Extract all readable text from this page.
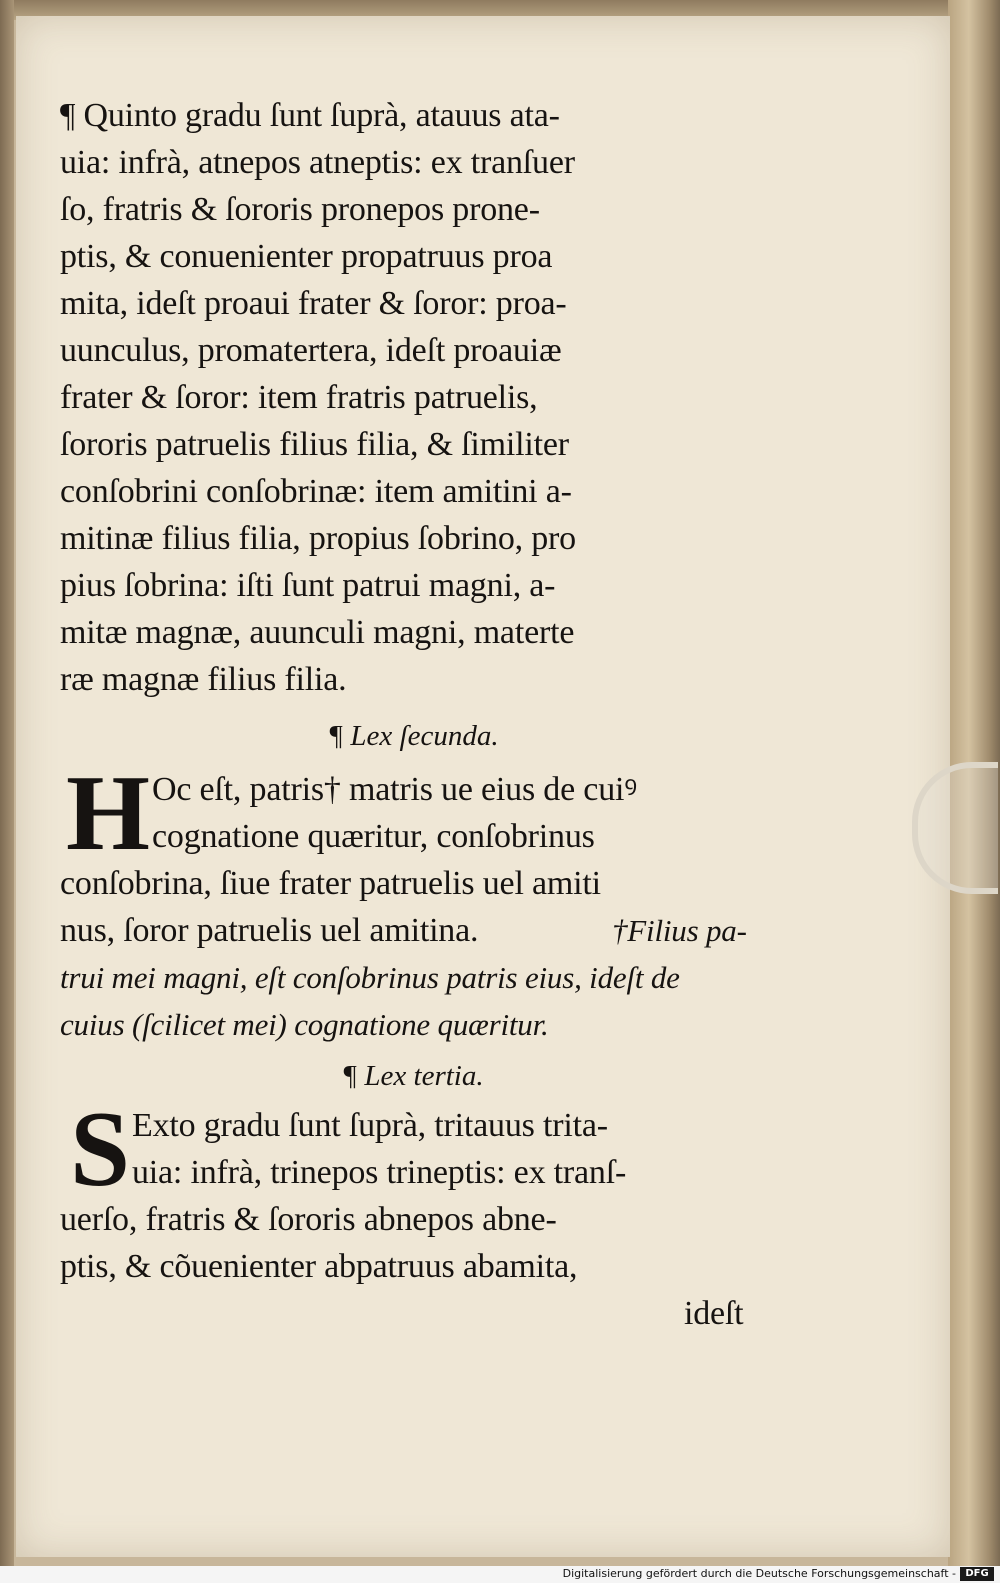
¶ Quinto gradu ſunt ſuprà, atauus ata-
uia: infrà, atnepos atneptis: ex tranſuer
ſo, fratris & ſororis pronepos prone-
ptis, & conuenienter propatruus proa
mita, ideſt proaui frater & ſoror: proa-
uunculus, promatertera, ideſt proauiæ
frater & ſoror: item fratris patruelis,
ſororis patruelis filius filia, & ſimiliter
conſobrini conſobrinæ: item amitini a-
mitinæ filius filia, propius ſobrino, pro
pius ſobrina: iſti ſunt patrui magni, a-
mitæ magnæ, auunculi magni, materte
ræ magnæ filius filia.
¶ Lex ſecunda.
H Oc eſt, patris† matris ue eius de cuiꝰ
cognatione quæritur, conſobrinus
conſobrina, ſiue frater patruelis uel amiti
nus, ſoror patruelis uel amitina.	†Filius pa-
trui mei magni, eſt conſobrinus patris eius, ideſt de
cuius (ſcilicet mei) cognatione quæritur.
¶ Lex tertia.
S Exto gradu ſunt ſuprà, tritauus trita-
uia: infrà, trinepos trineptis: ex tranſ-
uerſo, fratris & ſororis abnepos abne-
ptis, & cõuenienter abpatruus abamita,
ideſt
Digitalisierung gefördert durch die Deutsche Forschungsgemeinschaft - DFG
